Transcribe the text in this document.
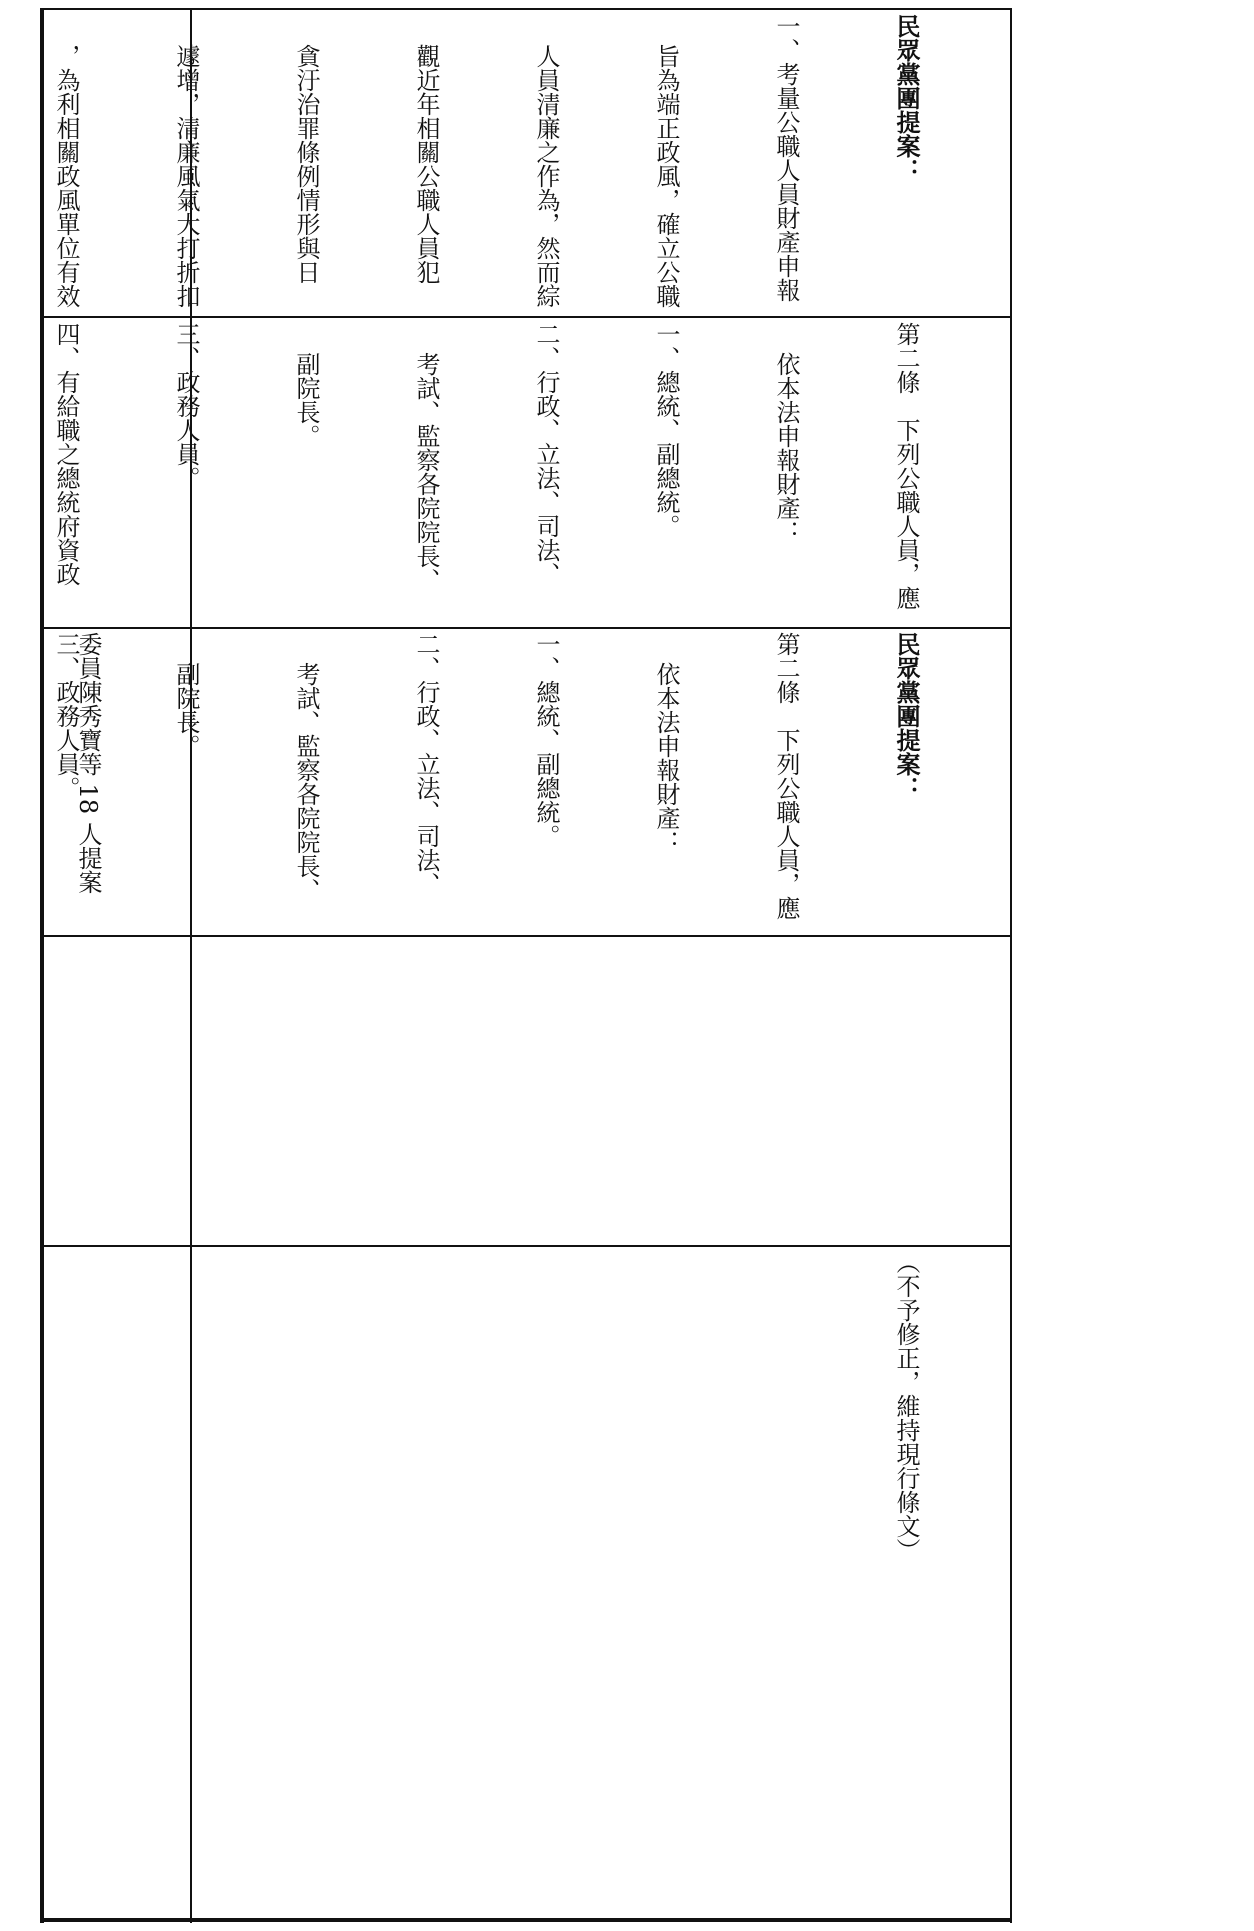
民眾黨團提案：

一、考量公職人員財產申報

旨為端正政風，確立公職

人員清廉之作為，然而綜

觀近年相關公職人員犯

貪汙治罪條例情形與日

遽增，清廉風氣大打折扣

，為利相關政風單位有效

第二條　下列公職人員，應

依本法申報財產：

一、總統、副總統。

二、行政、立法、司法、

考試、監察各院院長、

副院長。

三、政務人員。

四、有給職之總統府資政

委員陳秀寶等 18 人提案

	民眾黨團提案：

第二條　下列公職人員，應

依本法申報財產：

一、總統、副總統。

二、行政、立法、司法、

考試、監察各院院長、

副院長。

三、政務人員。

（不予修正，維持現行條文）
